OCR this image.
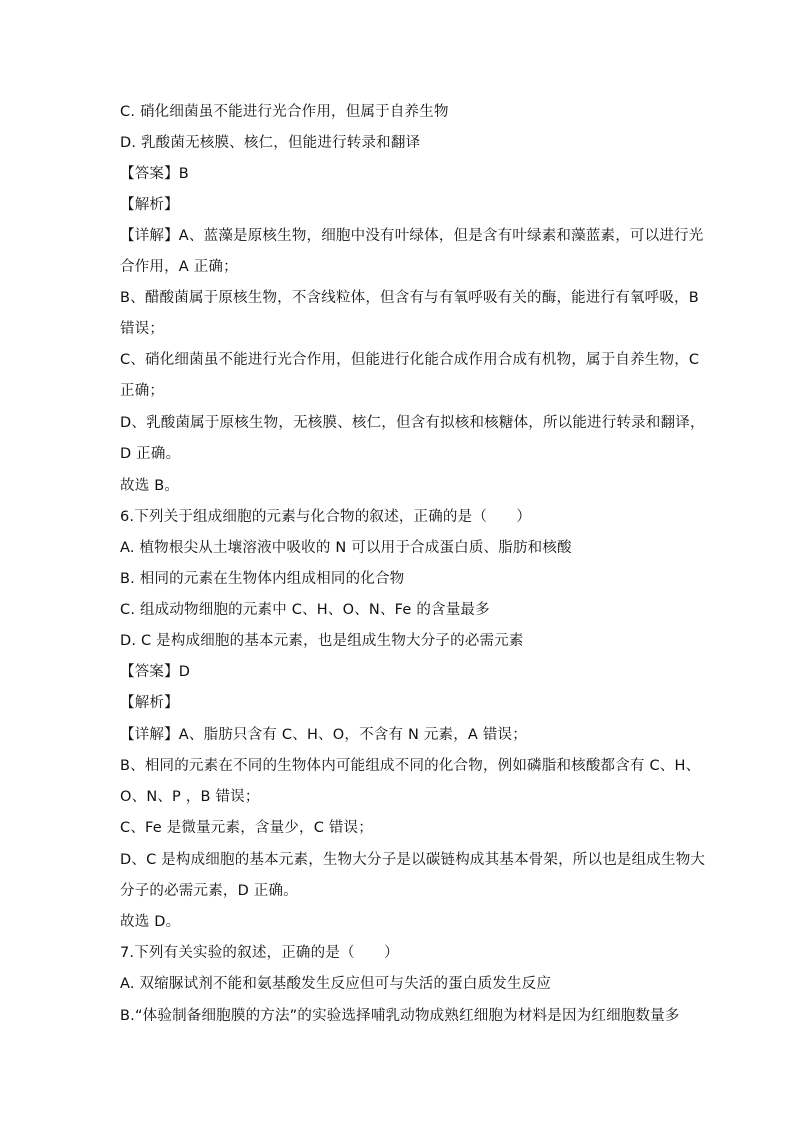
C. 硝化细菌虽不能进行光合作用，但属于自养生物
D. 乳酸菌无核膜、核仁，但能进行转录和翻译
【答案】B
【解析】
【详解】A、蓝藻是原核生物，细胞中没有叶绿体，但是含有叶绿素和藻蓝素，可以进行光
合作用，A 正确；
B、醋酸菌属于原核生物，不含线粒体，但含有与有氧呼吸有关的酶，能进行有氧呼吸，B
错误；
C、硝化细菌虽不能进行光合作用，但能进行化能合成作用合成有机物，属于自养生物，C
正确；
D、乳酸菌属于原核生物，无核膜、核仁，但含有拟核和核糖体，所以能进行转录和翻译，
D 正确。
故选 B。
6.下列关于组成细胞的元素与化合物的叙述，正确的是（　　）
A. 植物根尖从土壤溶液中吸收的 N 可以用于合成蛋白质、脂肪和核酸
B. 相同的元素在生物体内组成相同的化合物
C. 组成动物细胞的元素中 C、H、O、N、Fe 的含量最多
D. C 是构成细胞的基本元素，也是组成生物大分子的必需元素
【答案】D
【解析】
【详解】A、脂肪只含有 C、H、O，不含有 N 元素，A 错误；
B、相同的元素在不同的生物体内可能组成不同的化合物，例如磷脂和核酸都含有 C、H、
O、N、P ，B 错误；
C、Fe 是微量元素，含量少，C 错误；
D、C 是构成细胞的基本元素，生物大分子是以碳链构成其基本骨架，所以也是组成生物大
分子的必需元素，D 正确。
故选 D。
7.下列有关实验的叙述，正确的是（　　）
A. 双缩脲试剂不能和氨基酸发生反应但可与失活的蛋白质发生反应
B.“体验制备细胞膜的方法”的实验选择哺乳动物成熟红细胞为材料是因为红细胞数量多
